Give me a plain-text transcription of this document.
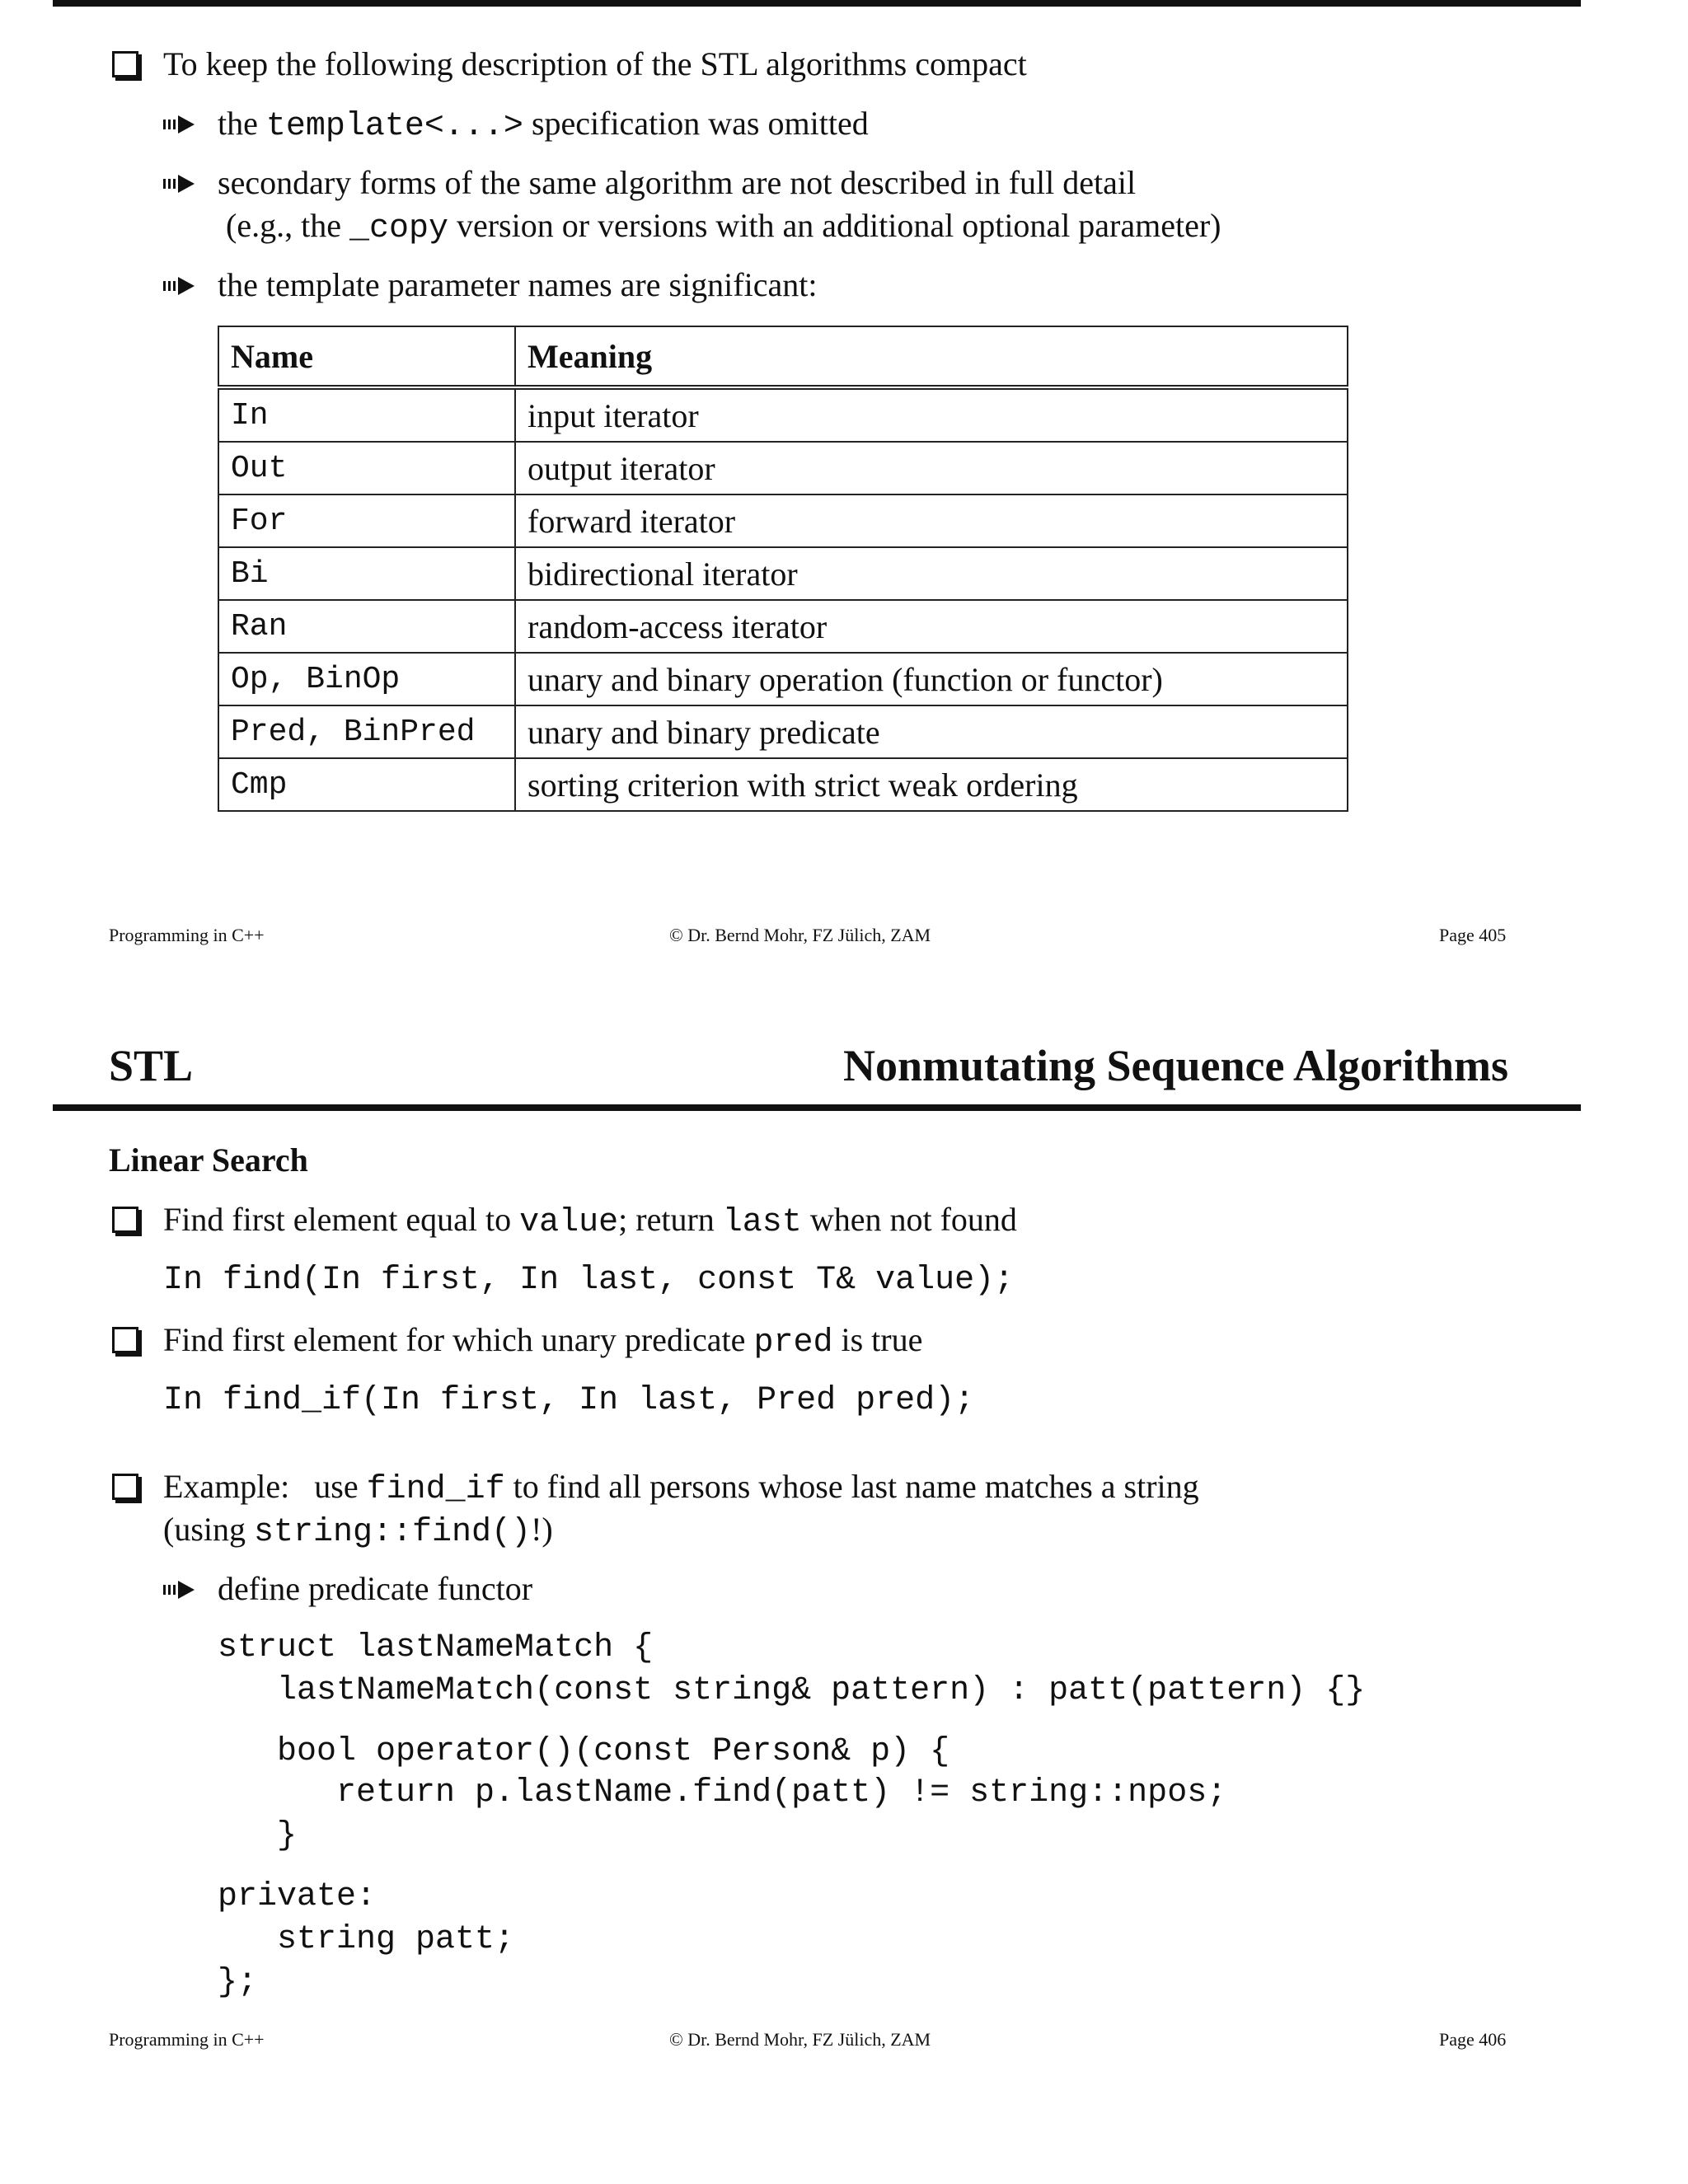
To keep the following description of the STL algorithms compact
the template<...> specification was omitted
secondary forms of the same algorithm are not described in full detail
(e.g., the _copy version or versions with an additional optional parameter)
the template parameter names are significant:
Name	Meaning
In	input iterator
Out	output iterator
For	forward iterator
Bi	bidirectional iterator
Ran	random-access iterator
Op, BinOp	unary and binary operation (function or functor)
Pred, BinPred	unary and binary predicate
Cmp	sorting criterion with strict weak ordering
Programming in C++	© Dr. Bernd Mohr, FZ Jülich, ZAM	Page 405
STL	Nonmutating Sequence Algorithms
Linear Search
Find first element equal to value; return last when not found
In find(In first, In last, const T& value);
Find first element for which unary predicate pred is true
In find_if(In first, In last, Pred pred);
Example:   use find_if to find all persons whose last name matches a string
(using string::find()!)
define predicate functor
struct lastNameMatch {
lastNameMatch(const string& pattern) : patt(pattern) {}
bool operator()(const Person& p) {
return p.lastName.find(patt) != string::npos;
}
private:
string patt;
};
Programming in C++	© Dr. Bernd Mohr, FZ Jülich, ZAM	Page 406
